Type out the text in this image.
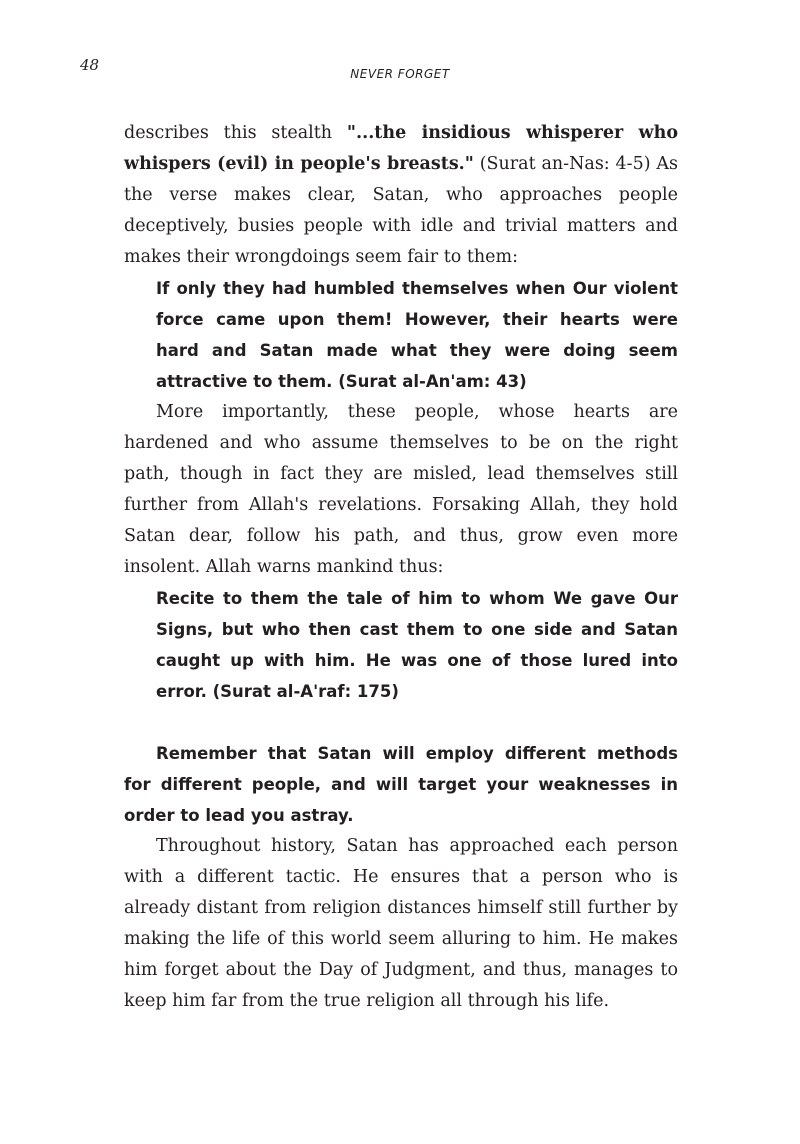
48	NEVER FORGET

describes this stealth "...the insidious whisperer who whispers (evil) in people's breasts." (Surat an-Nas: 4-5) As the verse makes clear, Satan, who approaches people deceptively, busies people with idle and trivial matters and makes their wrongdoings seem fair to them:

If only they had humbled themselves when Our violent force came upon them! However, their hearts were hard and Satan made what they were doing seem attractive to them. (Surat al-An'am: 43)

More importantly, these people, whose hearts are hardened and who assume themselves to be on the right path, though in fact they are misled, lead themselves still further from Allah's revelations. Forsaking Allah, they hold Satan dear, follow his path, and thus, grow even more insolent. Allah warns mankind thus:

Recite to them the tale of him to whom We gave Our Signs, but who then cast them to one side and Satan caught up with him. He was one of those lured into error. (Surat al-A'raf: 175)

Remember that Satan will employ different methods for different people, and will target your weaknesses in order to lead you astray.

Throughout history, Satan has approached each person with a different tactic. He ensures that a person who is already distant from religion distances himself still further by making the life of this world seem alluring to him. He makes him forget about the Day of Judgment, and thus, manages to keep him far from the true religion all through his life.
